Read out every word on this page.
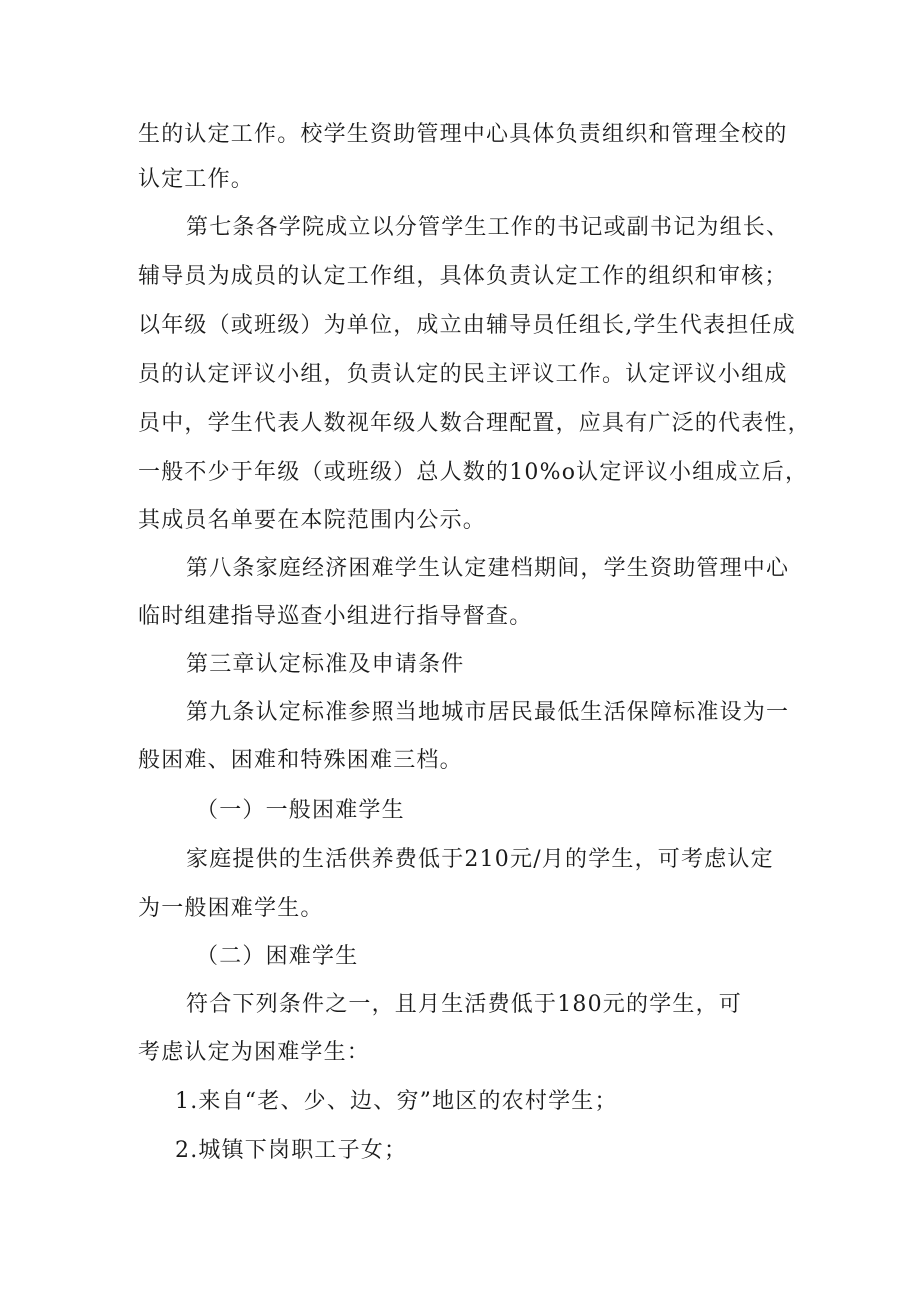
生的认定工作。校学生资助管理中心具体负责组织和管理全校的
认定工作。
第七条各学院成立以分管学生工作的书记或副书记为组长、
辅导员为成员的认定工作组，具体负责认定工作的组织和审核；
以年级（或班级）为单位，成立由辅导员任组长,学生代表担任成
员的认定评议小组，负责认定的民主评议工作。认定评议小组成
员中，学生代表人数视年级人数合理配置，应具有广泛的代表性，
一般不少于年级（或班级）总人数的10%o认定评议小组成立后，
其成员名单要在本院范围内公示。
第八条家庭经济困难学生认定建档期间，学生资助管理中心
临时组建指导巡查小组进行指导督查。
第三章认定标准及申请条件
第九条认定标准参照当地城市居民最低生活保障标准设为一
般困难、困难和特殊困难三档。
（一）一般困难学生
家庭提供的生活供养费低于210元/月的学生，可考虑认定
为一般困难学生。
（二）困难学生
符合下列条件之一，且月生活费低于180元的学生，可
考虑认定为困难学生：
1.来自“老、少、边、穷”地区的农村学生；
2.城镇下岗职工子女；
